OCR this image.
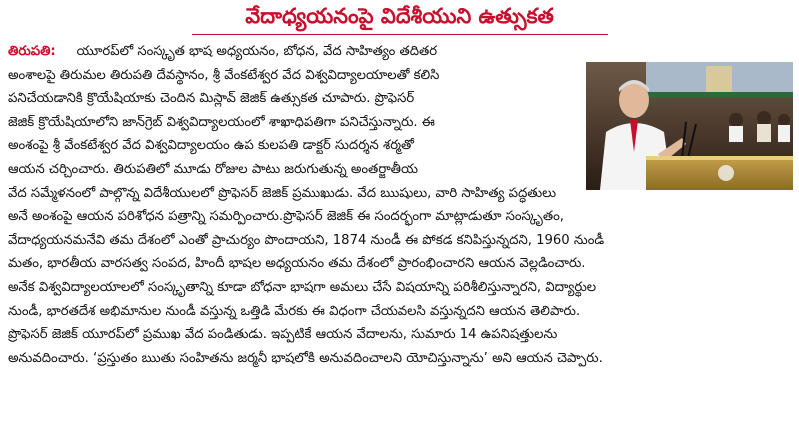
వేదాధ్యయనంపై విదేశీయుని ఉత్సుకత
తిరుపతి: యూరప్‌లో సంస్కృత భాష అధ్యయనం, బోధన, వేద సాహిత్యం తదితర
అంశాలపై తిరుమల తిరుపతి దేవస్థానం, శ్రీ వేంకటేశ్వర వేద విశ్వవిద్యాలయాలతో కలిసి
పనిచేయడానికి క్రొయేషియాకు చెందిన మిస్లావ్ జెజిక్ ఉత్సుకత చూపారు. ప్రొఫెసర్
జెజిక్ క్రొయేషియాలోని జాన్‌గ్రెబ్ విశ్వవిద్యాలయంలో శాఖాధిపతిగా పనిచేస్తున్నారు. ఈ
అంశంపై శ్రీ వేంకటేశ్వర వేద విశ్వవిద్యాలయం ఉప కులపతి డాక్టర్ సుదర్శన శర్మతో
ఆయన చర్చించారు. తిరుపతిలో మూడు రోజుల పాటు జరుగుతున్న అంతర్జాతీయ
వేద సమ్మేళనంలో పాల్గొన్న విదేశీయులలో ప్రొఫెసర్ జెజిక్ ప్రముఖుడు. వేద ఋషులు, వారి సాహిత్య పద్ధతులు
అనే అంశంపై ఆయన పరిశోధన పత్రాన్ని సమర్పించారు.ప్రొఫెసర్ జెజిక్ ఈ సందర్భంగా మాట్లాడుతూ సంస్కృతం,
వేదాధ్యయనమనేవి తమ దేశంలో ఎంతో ప్రాచుర్యం పొందాయని, 1874 నుండీ ఈ పోకడ కనిపిస్తున్నదని, 1960 నుండీ
మతం, భారతీయ వారసత్వ సంపద, హిందీ భాషల అధ్యయనం తమ దేశంలో ప్రారంభించారని ఆయన వెల్లడించారు.
అనేక విశ్వవిద్యాలయాలలో సంస్కృతాన్ని కూడా బోధనా భాషగా అమలు చేసే విషయాన్ని పరిశీలిస్తున్నారని, విద్యార్థుల
నుండీ, భారతదేశ అభిమానుల నుండీ వస్తున్న ఒత్తిడి మేరకు ఈ విధంగా చేయవలసి వస్తున్నదని ఆయన తెలిపారు.
ప్రొఫెసర్ జెజిక్ యూరప్‌లో ప్రముఖ వేద పండితుడు. ఇప్పటికే ఆయన వేదాలను, సుమారు 14 ఉపనిషత్తులను
అనువదించారు. ‘ప్రస్తుతం ఋతు సంహితను జర్మనీ భాషలోకి అనువదించాలని యోచిస్తున్నాను’ అని ఆయన చెప్పారు.
